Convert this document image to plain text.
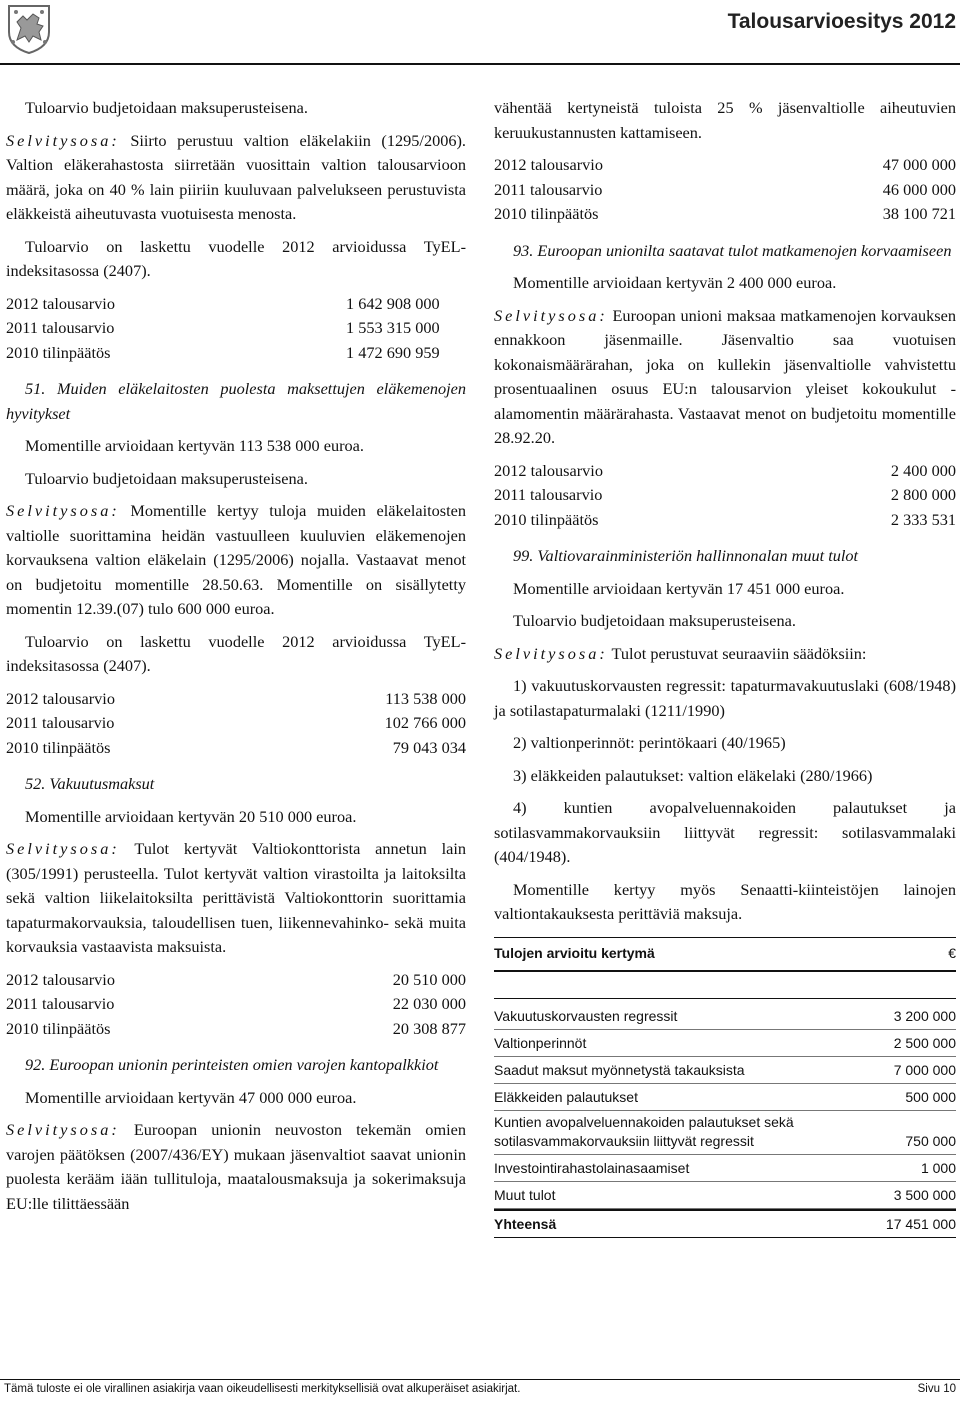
Talousarvioesitys 2012

Tuloarvio budjetoidaan maksuperusteisena.

Selvitysosa: Siirto perustuu valtion eläkelakiin (1295/2006). Valtion eläkerahastosta siirretään vuosittain valtion talousarvioon määrä, joka on 40 % lain piiriin kuuluvaan palvelukseen perustuvista eläkkeistä aiheutuvasta vuotuisesta menosta.

Tuloarvio on laskettu vuodelle 2012 arvioidussa TyEL-indeksitasossa (2407).

2012 talousarvio	1 642 908 000
2011 talousarvio	1 553 315 000
2010 tilinpäätös	1 472 690 959

51. Muiden eläkelaitosten puolesta maksettujen eläkemenojen hyvitykset

Momentille arvioidaan kertyvän 113 538 000 euroa.

Tuloarvio budjetoidaan maksuperusteisena.

Selvitysosa: Momentille kertyy tuloja muiden eläkelaitosten valtiolle suorittamina heidän vastuulleen kuuluvien eläkemenojen korvauksena valtion eläkelain (1295/2006) nojalla. Vastaavat menot on budjetoitu momentille 28.50.63. Momentille on sisällytetty momentin 12.39.(07) tulo 600 000 euroa.

Tuloarvio on laskettu vuodelle 2012 arvioidussa TyEL-indeksitasossa (2407).

2012 talousarvio	113 538 000
2011 talousarvio	102 766 000
2010 tilinpäätös	79 043 034

52. Vakuutusmaksut

Momentille arvioidaan kertyvän 20 510 000 euroa.

Selvitysosa: Tulot kertyvät Valtiokonttorista annetun lain (305/1991) perusteella. Tulot kertyvät valtion virastoilta ja laitoksilta sekä valtion liikelaitoksilta perittävistä Valtiokonttorin suorittamia tapaturmakorvauksia, taloudellisen tuen, liikennevahinko- sekä muita korvauksia vastaavista maksuista.

2012 talousarvio	20 510 000
2011 talousarvio	22 030 000
2010 tilinpäätös	20 308 877

92. Euroopan unionin perinteisten omien varojen kantopalkkiot

Momentille arvioidaan kertyvän 47 000 000 euroa.

Selvitysosa: Euroopan unionin neuvoston tekemän omien varojen päätöksen (2007/436/EY) mukaan jäsenvaltiot saavat unionin puolesta kerääm iään tullituloja, maatalousmaksuja ja sokerimaksuja EU:lle tilittäessään

vähentää kertyneistä tuloista 25 % jäsenvaltiolle aiheutuvien keruukustannusten kattamiseen.

2012 talousarvio	47 000 000
2011 talousarvio	46 000 000
2010 tilinpäätös	38 100 721

93. Euroopan unionilta saatavat tulot matkamenojen korvaamiseen

Momentille arvioidaan kertyvän 2 400 000 euroa.

Selvitysosa: Euroopan unioni maksaa matkamenojen korvauksen ennakkoon jäsenmaille. Jäsenvaltio saa vuotuisen kokonaismäärärahan, joka on kullekin jäsenvaltiolle vahvistettu prosentuaalinen osuus EU:n talousarvion yleiset kokoukulut -alamomentin määrärahasta. Vastaavat menot on budjetoitu momentille 28.92.20.

2012 talousarvio	2 400 000
2011 talousarvio	2 800 000
2010 tilinpäätös	2 333 531

99. Valtiovarainministeriön hallinnonalan muut tulot

Momentille arvioidaan kertyvän 17 451 000 euroa.

Tuloarvio budjetoidaan maksuperusteisena.

Selvitysosa: Tulot perustuvat seuraaviin säädöksiin:

1) vakuutuskorvausten regressit: tapaturmavakuutuslaki (608/1948) ja sotilastapaturmalaki (1211/1990)

2) valtionperinnöt: perintökaari (40/1965)

3) eläkkeiden palautukset: valtion eläkelaki (280/1966)

4) kuntien avopalveluennakoiden palautukset ja sotilasvammakorvauksiin liittyvät regressit: sotilasvammalaki (404/1948).

Momentille kertyy myös Senaatti-kiinteistöjen lainojen valtiontakauksesta perittäviä maksuja.

Tulojen arvioitu kertymä	€
Vakuutuskorvausten regressit	3 200 000
Valtionperinnöt	2 500 000
Saadut maksut myönnetystä takauksista	7 000 000
Eläkkeiden palautukset	500 000
Kuntien avopalveluennakoiden palautukset sekä sotilasvammakorvauksiin liittyvät regressit	750 000
Investointirahastolainasaamiset	1 000
Muut tulot	3 500 000
Yhteensä	17 451 000
Tämä tuloste ei ole virallinen asiakirja vaan oikeudellisesti merkityksellisiä ovat alkuperäiset asiakirjat.	Sivu 10
